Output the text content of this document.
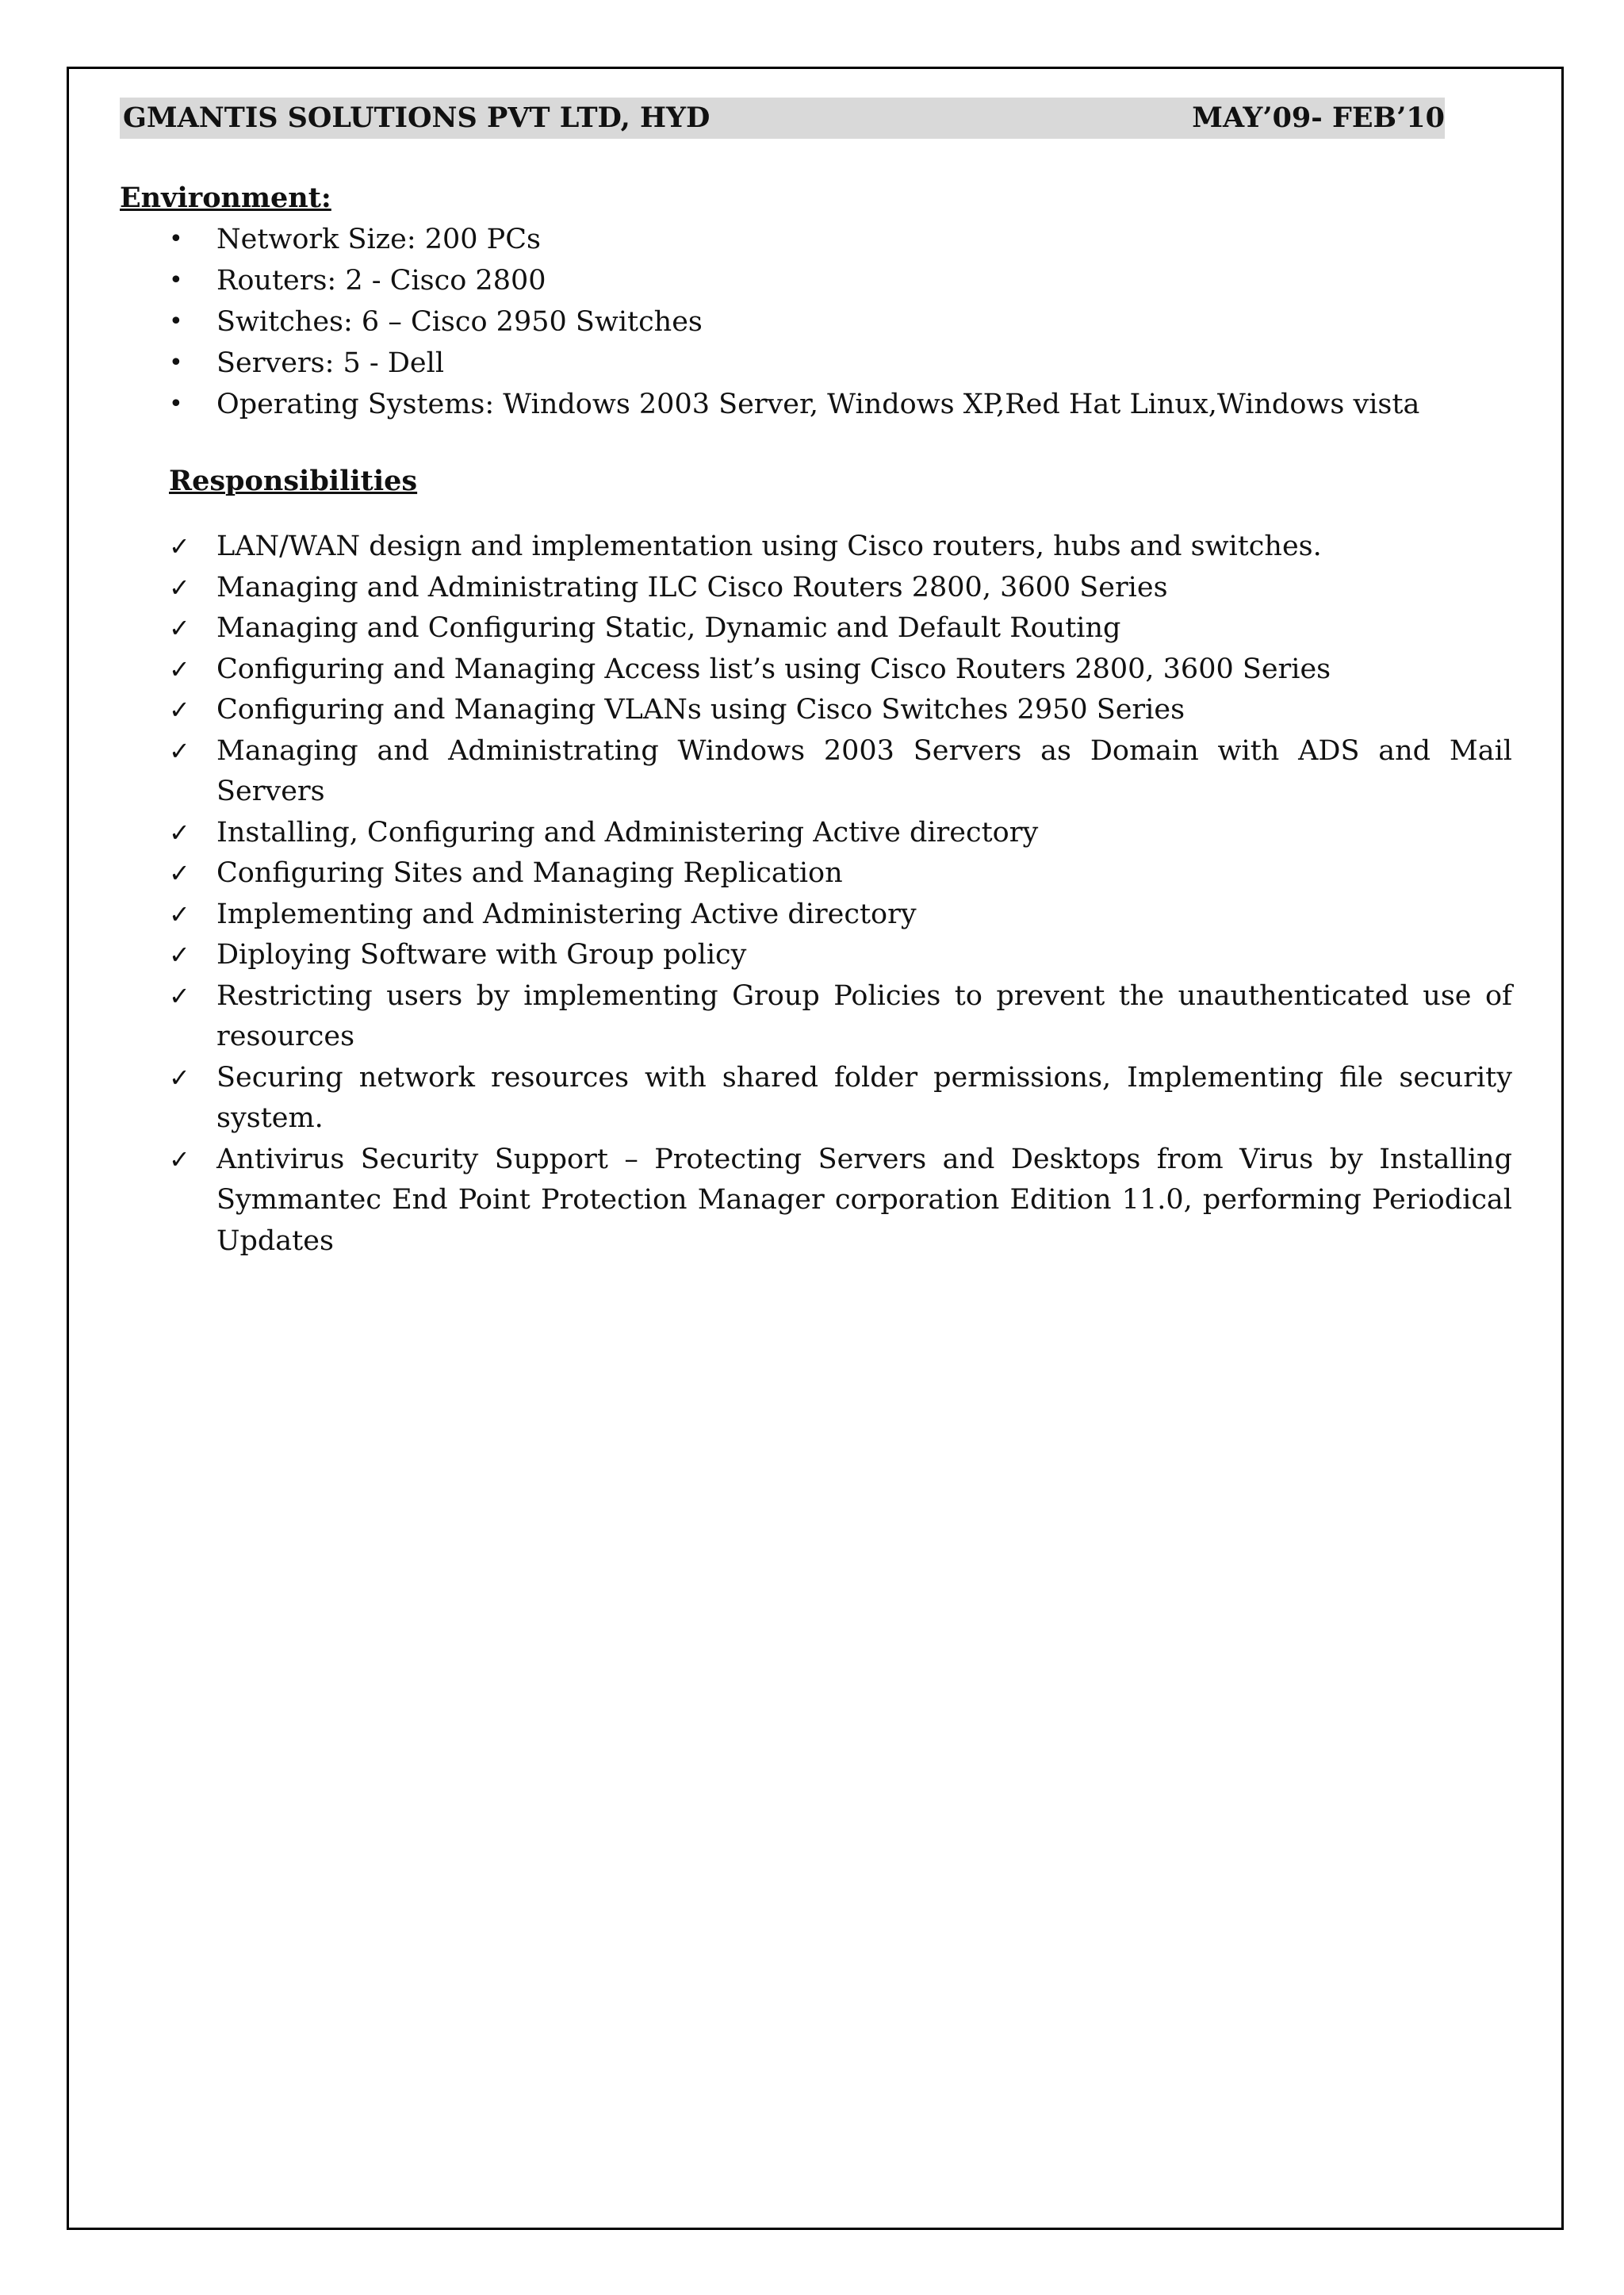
GMANTIS SOLUTIONS PVT LTD, HYD	MAY’09- FEB’10
Environment:
• Network Size: 200 PCs
• Routers: 2 - Cisco 2800
• Switches: 6 – Cisco 2950 Switches
• Servers: 5 - Dell
• Operating Systems: Windows 2003 Server, Windows XP,Red Hat Linux,Windows vista
Responsibilities
✓ LAN/WAN design and implementation using Cisco routers, hubs and switches.
✓ Managing and Administrating ILC Cisco Routers 2800, 3600 Series
✓ Managing and Configuring Static, Dynamic and Default Routing
✓ Configuring and Managing Access list’s using Cisco Routers 2800, 3600 Series
✓ Configuring and Managing VLANs using Cisco Switches 2950 Series
✓ Managing and Administrating Windows 2003 Servers as Domain with ADS and Mail Servers
✓ Installing, Configuring and Administering Active directory
✓ Configuring Sites and Managing Replication
✓ Implementing and Administering Active directory
✓ Diploying Software with Group policy
✓ Restricting users by implementing Group Policies to prevent the unauthenticated use of resources
✓ Securing network resources with shared folder permissions, Implementing file security system.
✓ Antivirus Security Support – Protecting Servers and Desktops from Virus by Installing Symmantec End Point Protection Manager corporation Edition 11.0, performing Periodical Updates
